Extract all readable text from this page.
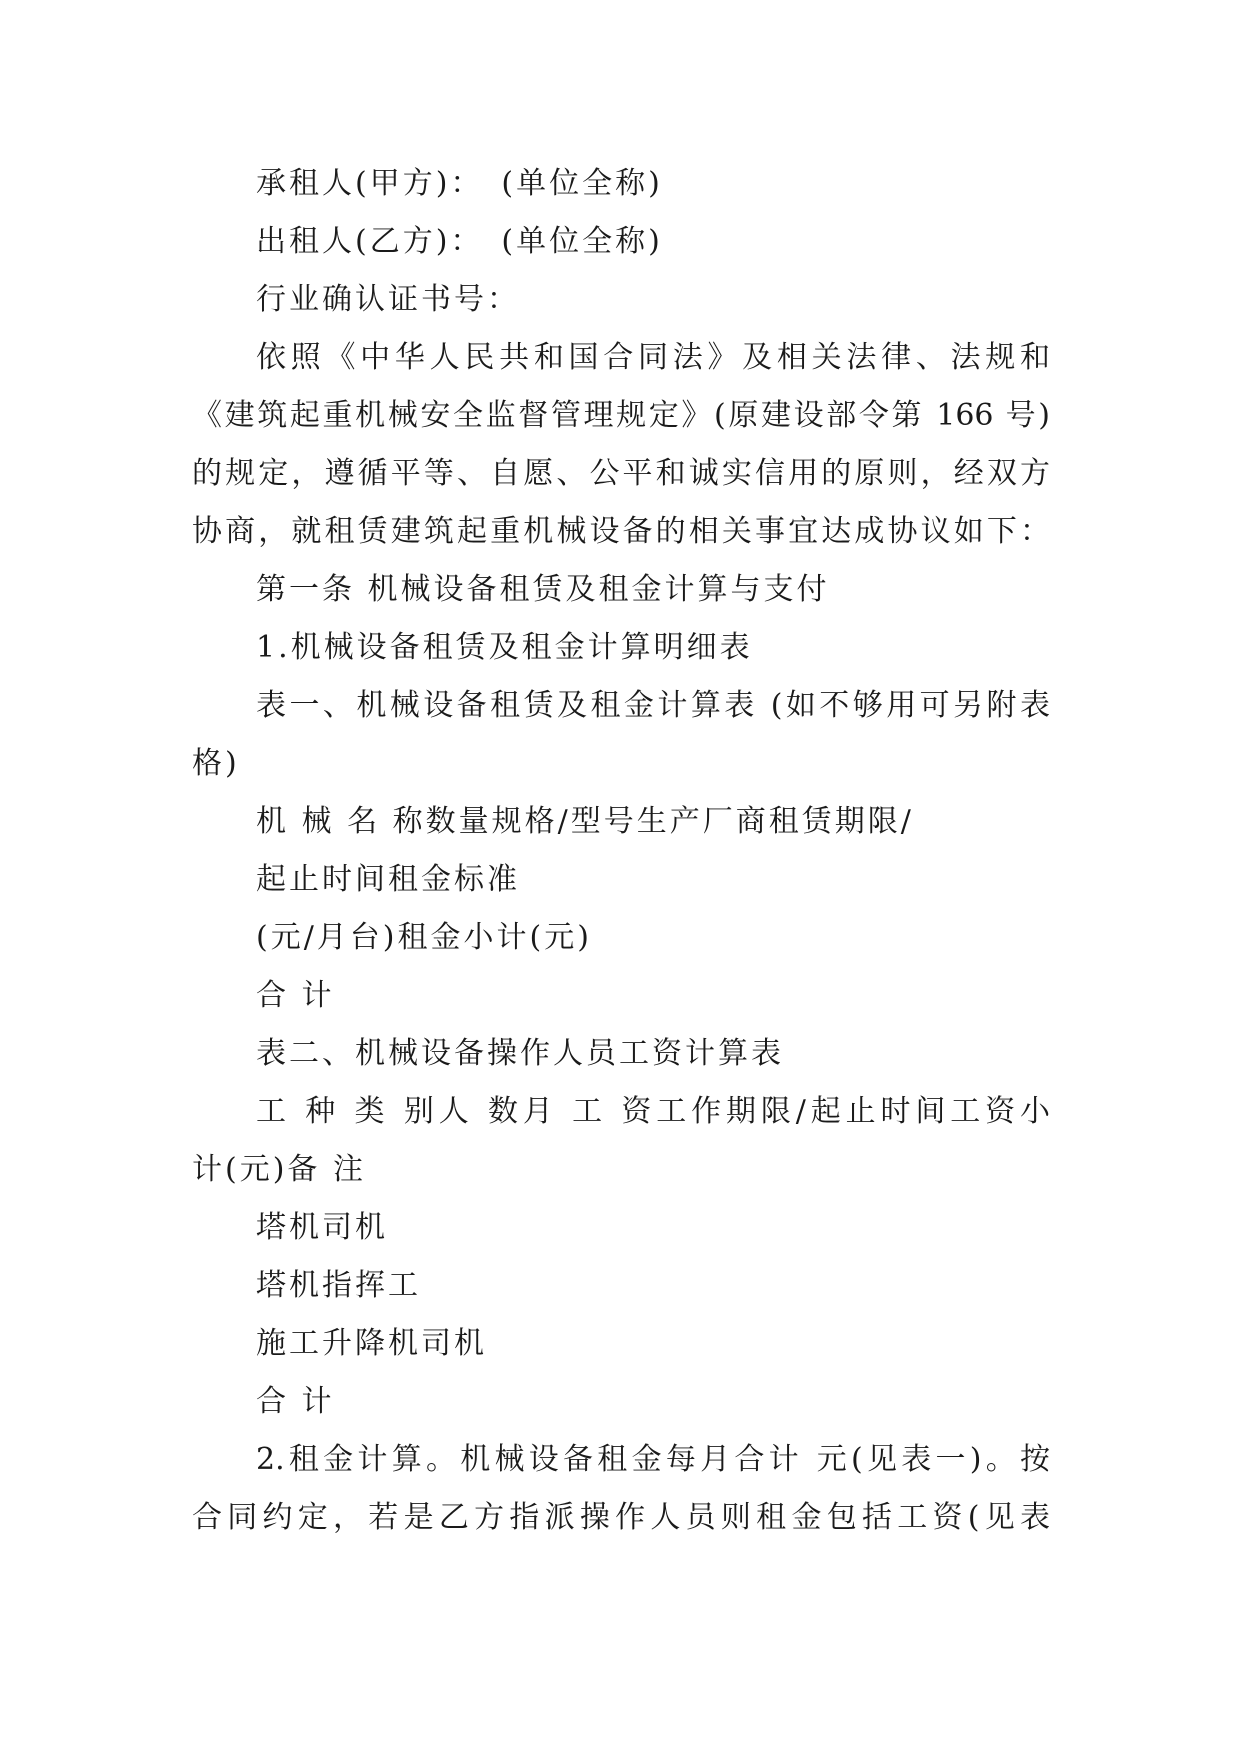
承租人(甲方)：　(单位全称)
出租人(乙方)：　(单位全称)
行业确认证书号：
依照《中华人民共和国合同法》及相关法律、法规和
《建筑起重机械安全监督管理规定》(原建设部令第 166 号)
的规定，遵循平等、自愿、公平和诚实信用的原则，经双方
协商，就租赁建筑起重机械设备的相关事宜达成协议如下：
第一条 机械设备租赁及租金计算与支付
1.机械设备租赁及租金计算明细表
表一、机械设备租赁及租金计算表 (如不够用可另附表
格)
机 械 名 称数量规格/型号生产厂商租赁期限/
起止时间租金标准
(元/月台)租金小计(元)
合 计
表二、机械设备操作人员工资计算表
工 种 类 别人 数月 工 资工作期限/起止时间工资小
计(元)备 注
塔机司机
塔机指挥工
施工升降机司机
合 计
2.租金计算。机械设备租金每月合计 元(见表一)。按
合同约定，若是乙方指派操作人员则租金包括工资(见表
